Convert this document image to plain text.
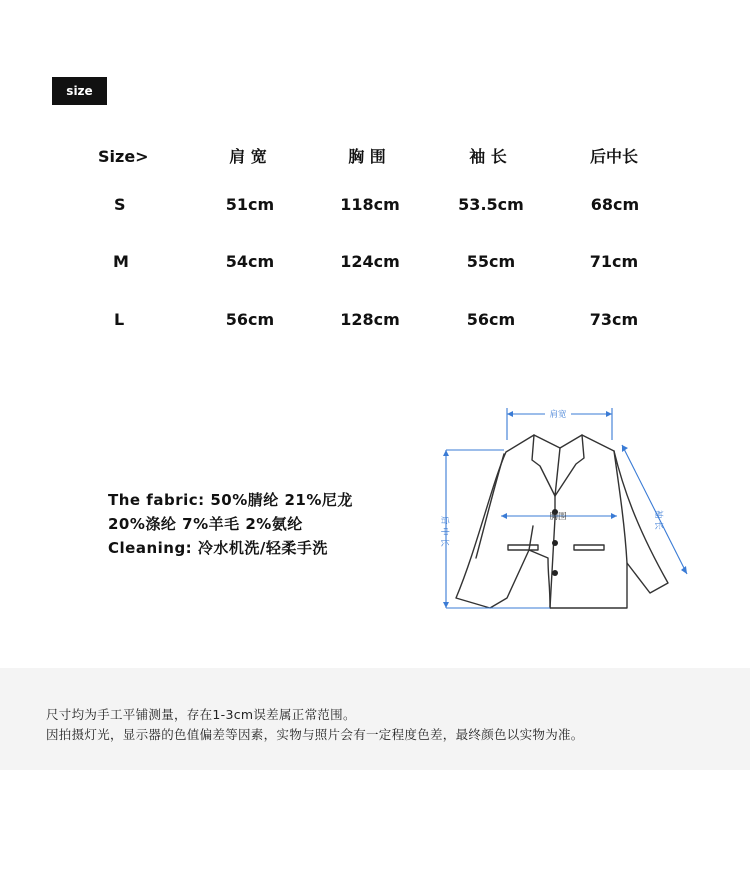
size
Size>	肩 宽	胸 围	袖 长	后中长
S	51cm	118cm	53.5cm	68cm
M	54cm	124cm	55cm	71cm
L	56cm	128cm	56cm	73cm
The fabric: 50%腈纶 21%尼龙
20%涤纶 7%羊毛 2%氨纶
Cleaning: 冷水机洗/轻柔手洗
肩宽
胸围	袖 长
后 中 长
尺寸均为手工平铺测量，存在1-3cm误差属正常范围。
因拍摄灯光，显示器的色值偏差等因素，实物与照片会有一定程度色差，最终颜色以实物为准。
